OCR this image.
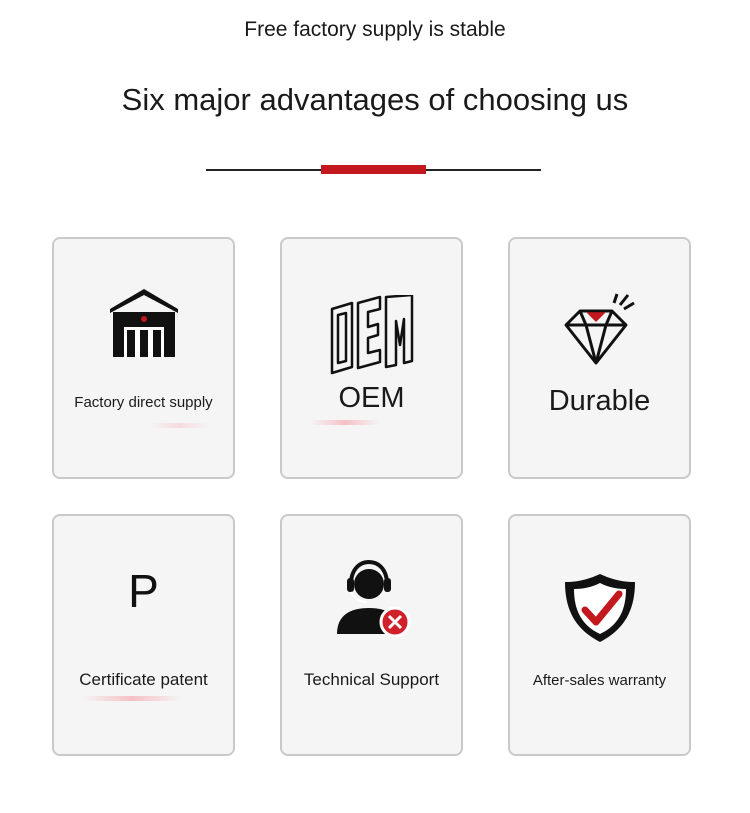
Free factory supply is stable
Six major advantages of choosing us
Factory direct supply	OEM	Durable
P
Certificate patent	Technical Support	After-sales warranty
